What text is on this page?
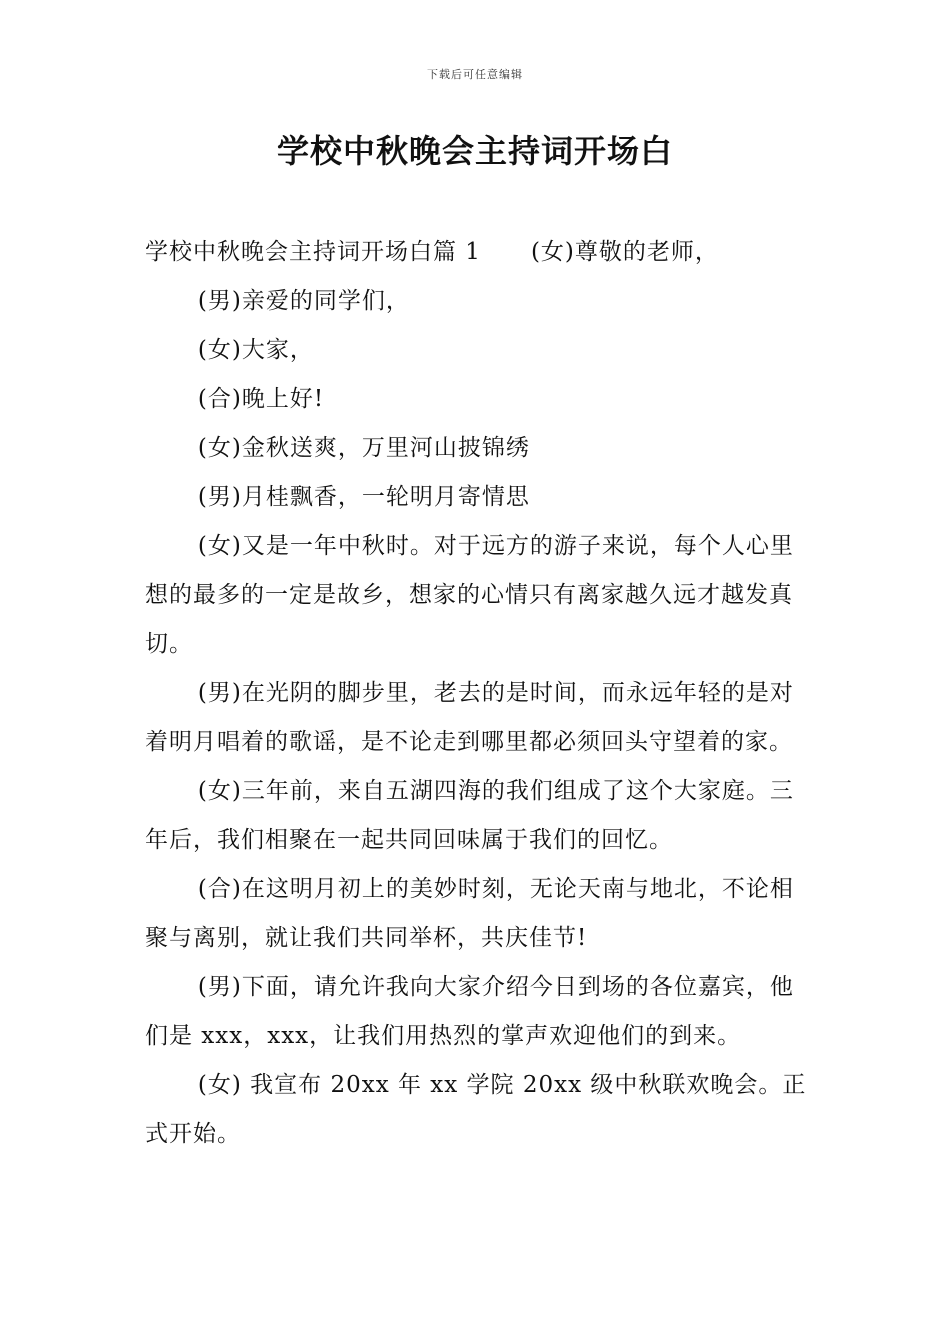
下载后可任意编辑
学校中秋晚会主持词开场白

学校中秋晚会主持词开场白篇 1 (女)尊敬的老师，

(男)亲爱的同学们，

(女)大家，

(合)晚上好!

(女)金秋送爽，万里河山披锦绣

(男)月桂飘香，一轮明月寄情思

(女)又是一年中秋时。对于远方的游子来说，每个人心里想的最多的一定是故乡，想家的心情只有离家越久远才越发真切。

(男)在光阴的脚步里，老去的是时间，而永远年轻的是对着明月唱着的歌谣，是不论走到哪里都必须回头守望着的家。

(女)三年前，来自五湖四海的我们组成了这个大家庭。三年后，我们相聚在一起共同回味属于我们的回忆。

(合)在这明月初上的美妙时刻，无论天南与地北，不论相聚与离别，就让我们共同举杯，共庆佳节!

(男)下面，请允许我向大家介绍今日到场的各位嘉宾，他们是 xxx，xxx，让我们用热烈的掌声欢迎他们的到来。

(女) 我宣布 20xx 年 xx 学院 20xx 级中秋联欢晚会。正式开始。
